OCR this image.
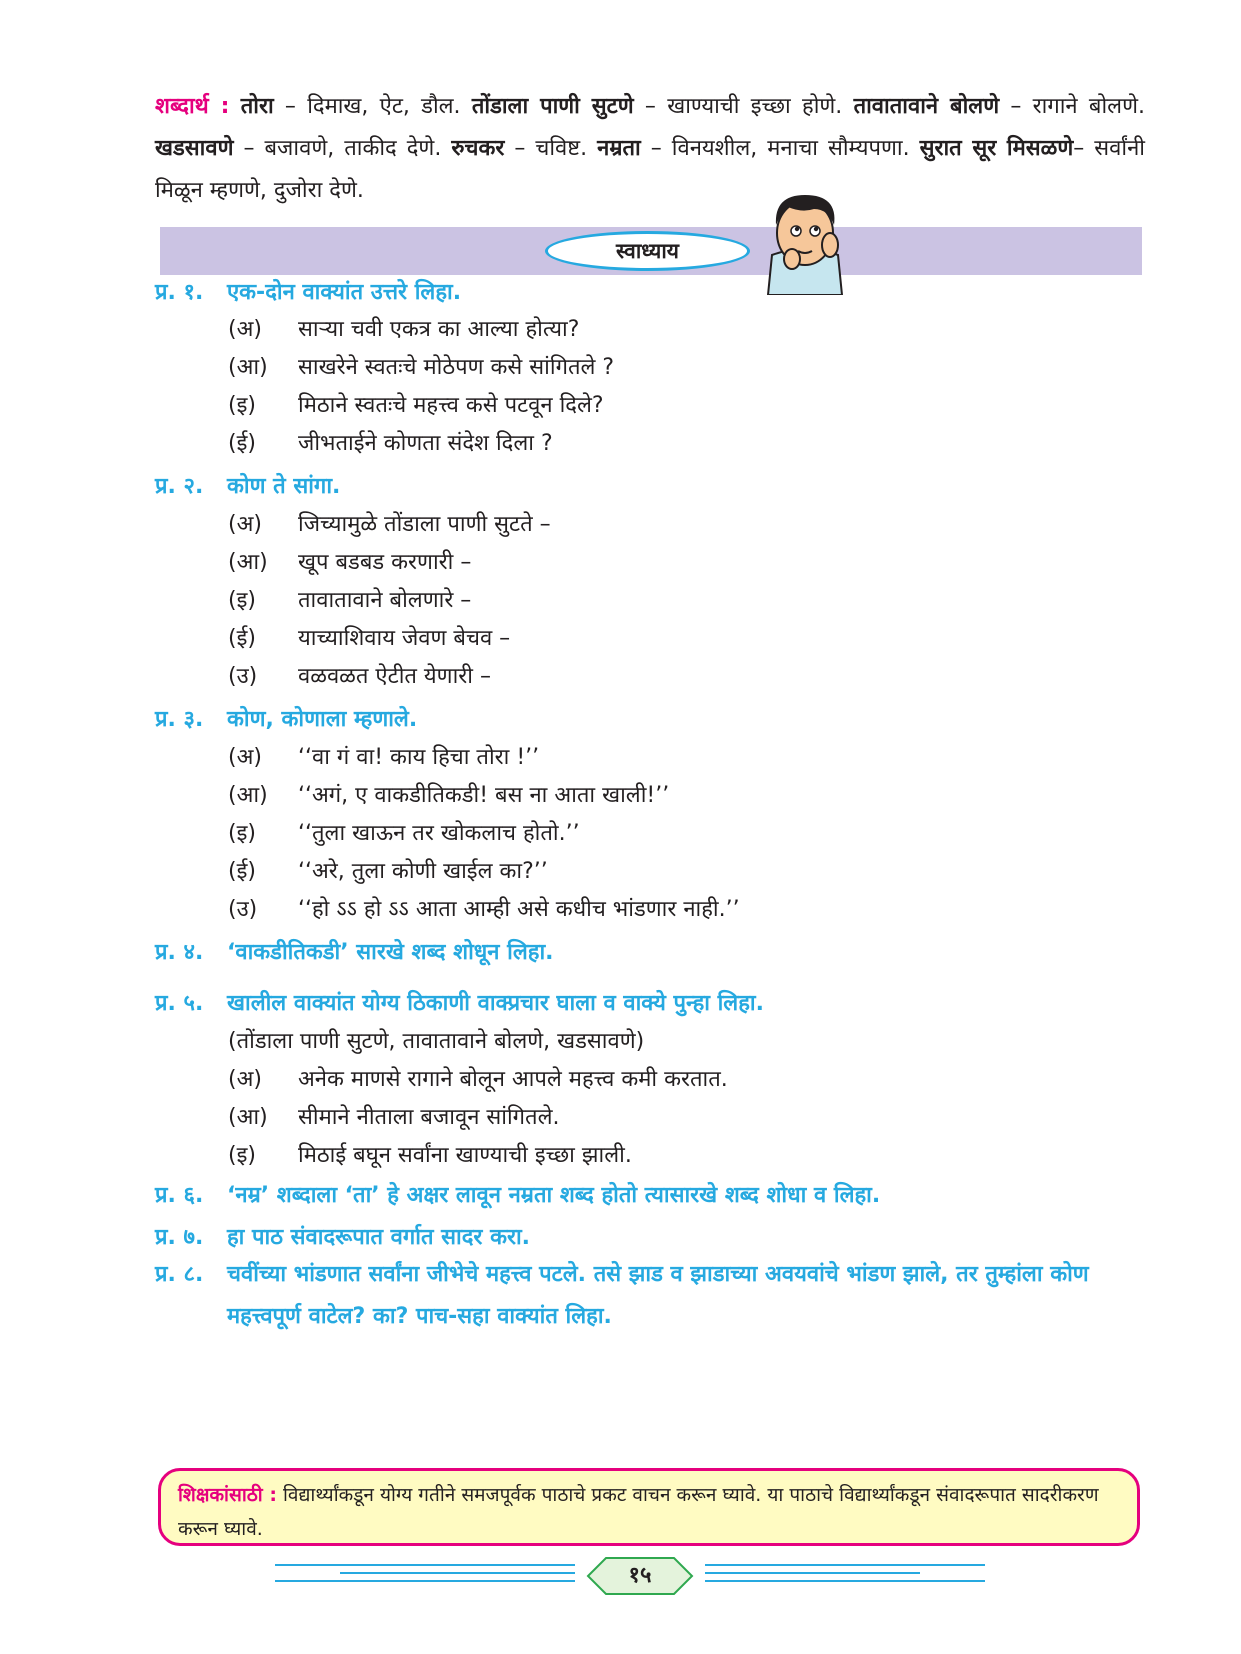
शब्दार्थ : तोरा – दिमाख, ऐट, डौल. तोंडाला पाणी सुटणे – खाण्याची इच्छा होणे. तावातावाने बोलणे – रागाने बोलणे. खडसावणे – बजावणे, ताकीद देणे. रुचकर – चविष्ट. नम्रता – विनयशील, मनाचा सौम्यपणा. सुरात सूर मिसळणे– सर्वांनी मिळून म्हणणे, दुजोरा देणे.
स्वाध्याय
प्र. १. एक-दोन वाक्यांत उत्तरे लिहा.
(अ) साऱ्या चवी एकत्र का आल्या होत्या?
(आ) साखरेने स्वतःचे मोठेपण कसे सांगितले ?
(इ) मिठाने स्वतःचे महत्त्व कसे पटवून दिले?
(ई) जीभताईने कोणता संदेश दिला ?
प्र. २. कोण ते सांगा.
(अ) जिच्यामुळे तोंडाला पाणी सुटते –
(आ) खूप बडबड करणारी –
(इ) तावातावाने बोलणारे –
(ई) याच्याशिवाय जेवण बेचव –
(उ) वळवळत ऐटीत येणारी –
प्र. ३. कोण, कोणाला म्हणाले.
(अ) ‘‘वा गं वा! काय हिचा तोरा !’’
(आ) ‘‘अगं, ए वाकडीतिकडी! बस ना आता खाली!’’
(इ) ‘‘तुला खाऊन तर खोकलाच होतो.’’
(ई) ‘‘अरे, तुला कोणी खाईल का?’’
(उ) ‘‘हो ऽऽ हो ऽऽ आता आम्ही असे कधीच भांडणार नाही.’’
प्र. ४. ‘वाकडीतिकडी’ सारखे शब्द शोधून लिहा.
प्र. ५. खालील वाक्यांत योग्य ठिकाणी वाक्प्रचार घाला व वाक्ये पुन्हा लिहा.
(तोंडाला पाणी सुटणे, तावातावाने बोलणे, खडसावणे)
(अ) अनेक माणसे रागाने बोलून आपले महत्त्व कमी करतात.
(आ) सीमाने नीताला बजावून सांगितले.
(इ) मिठाई बघून सर्वांना खाण्याची इच्छा झाली.
प्र. ६. ‘नम्र’ शब्दाला ‘ता’ हे अक्षर लावून नम्रता शब्द होतो त्यासारखे शब्द शोधा व लिहा.
प्र. ७. हा पाठ संवादरूपात वर्गात सादर करा.
प्र. ८. चवींच्या भांडणात सर्वांना जीभेचे महत्त्व पटले. तसे झाड व झाडाच्या अवयवांचे भांडण झाले, तर तुम्हांला कोण महत्त्वपूर्ण वाटेल? का? पाच-सहा वाक्यांत लिहा.
शिक्षकांसाठी : विद्यार्थ्यांकडून योग्य गतीने समजपूर्वक पाठाचे प्रकट वाचन करून घ्यावे. या पाठाचे विद्यार्थ्यांकडून संवादरूपात सादरीकरण करून घ्यावे.
१५
